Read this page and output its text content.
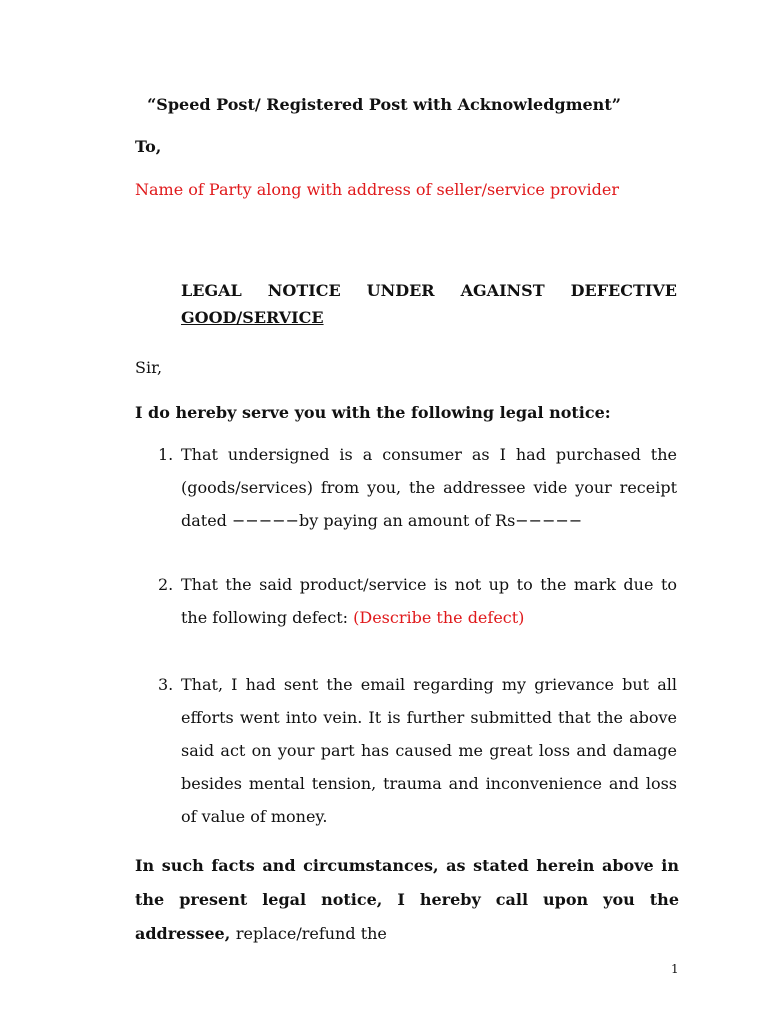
“Speed Post/ Registered Post with Acknowledgment”
To,
Name of Party along with address of seller/service provider
LEGAL NOTICE UNDER AGAINST DEFECTIVE
GOOD/SERVICE
Sir,
I do hereby serve you with the following legal notice:
1. That undersigned is a consumer as I had purchased the (goods/services) from you, the addressee vide your receipt dated −−−−−by paying an amount of Rs−−−−−
2. That the said product/service is not up to the mark due to the following defect: (Describe the defect)
3. That, I had sent the email regarding my grievance but all efforts went into vein. It is further submitted that the above said act on your part has caused me great loss and damage besides mental tension, trauma and inconvenience and loss of value of money.
In such facts and circumstances, as stated herein above in the present legal notice, I hereby call upon you the addressee, replace/refund the
1
